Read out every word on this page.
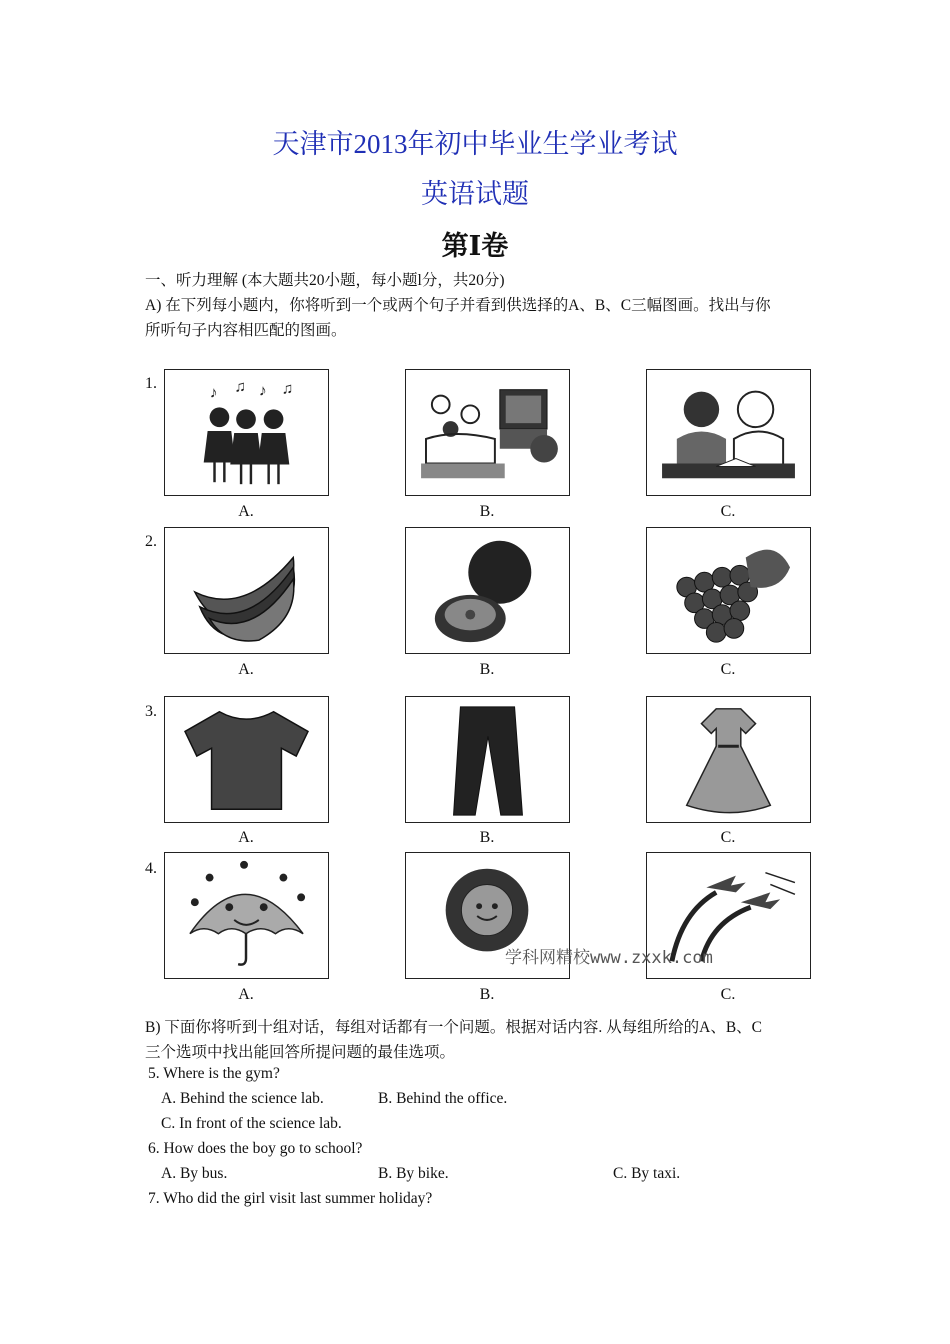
天津市2013年初中毕业生学业考试
英语试题
第Ⅰ卷
一、听力理解 (本大题共20小题，每小题l分，共20分)
A) 在下列每小题内，你将听到一个或两个句子并看到供选择的A、B、C三幅图画。找出与你
所听句子内容相匹配的图画。
1.
2.
3.
4.
♪ ♫ ♪ ♫
A.	B.	C.
A.	B.	C.
A.	B.	C.
A.	B.	C.
学科网精校www.zxxk.com
B) 下面你将听到十组对话，每组对话都有一个问题。根据对话内容. 从每组所给的A、B、C
三个选项中找出能回答所提问题的最佳选项。
5. Where is the gym?
A. Behind the science lab.	B. Behind the office.
C. In front of the science lab.
6. How does the boy go to school?
A. By bus.	B. By bike.	C. By taxi.
7. Who did the girl visit last summer holiday?
